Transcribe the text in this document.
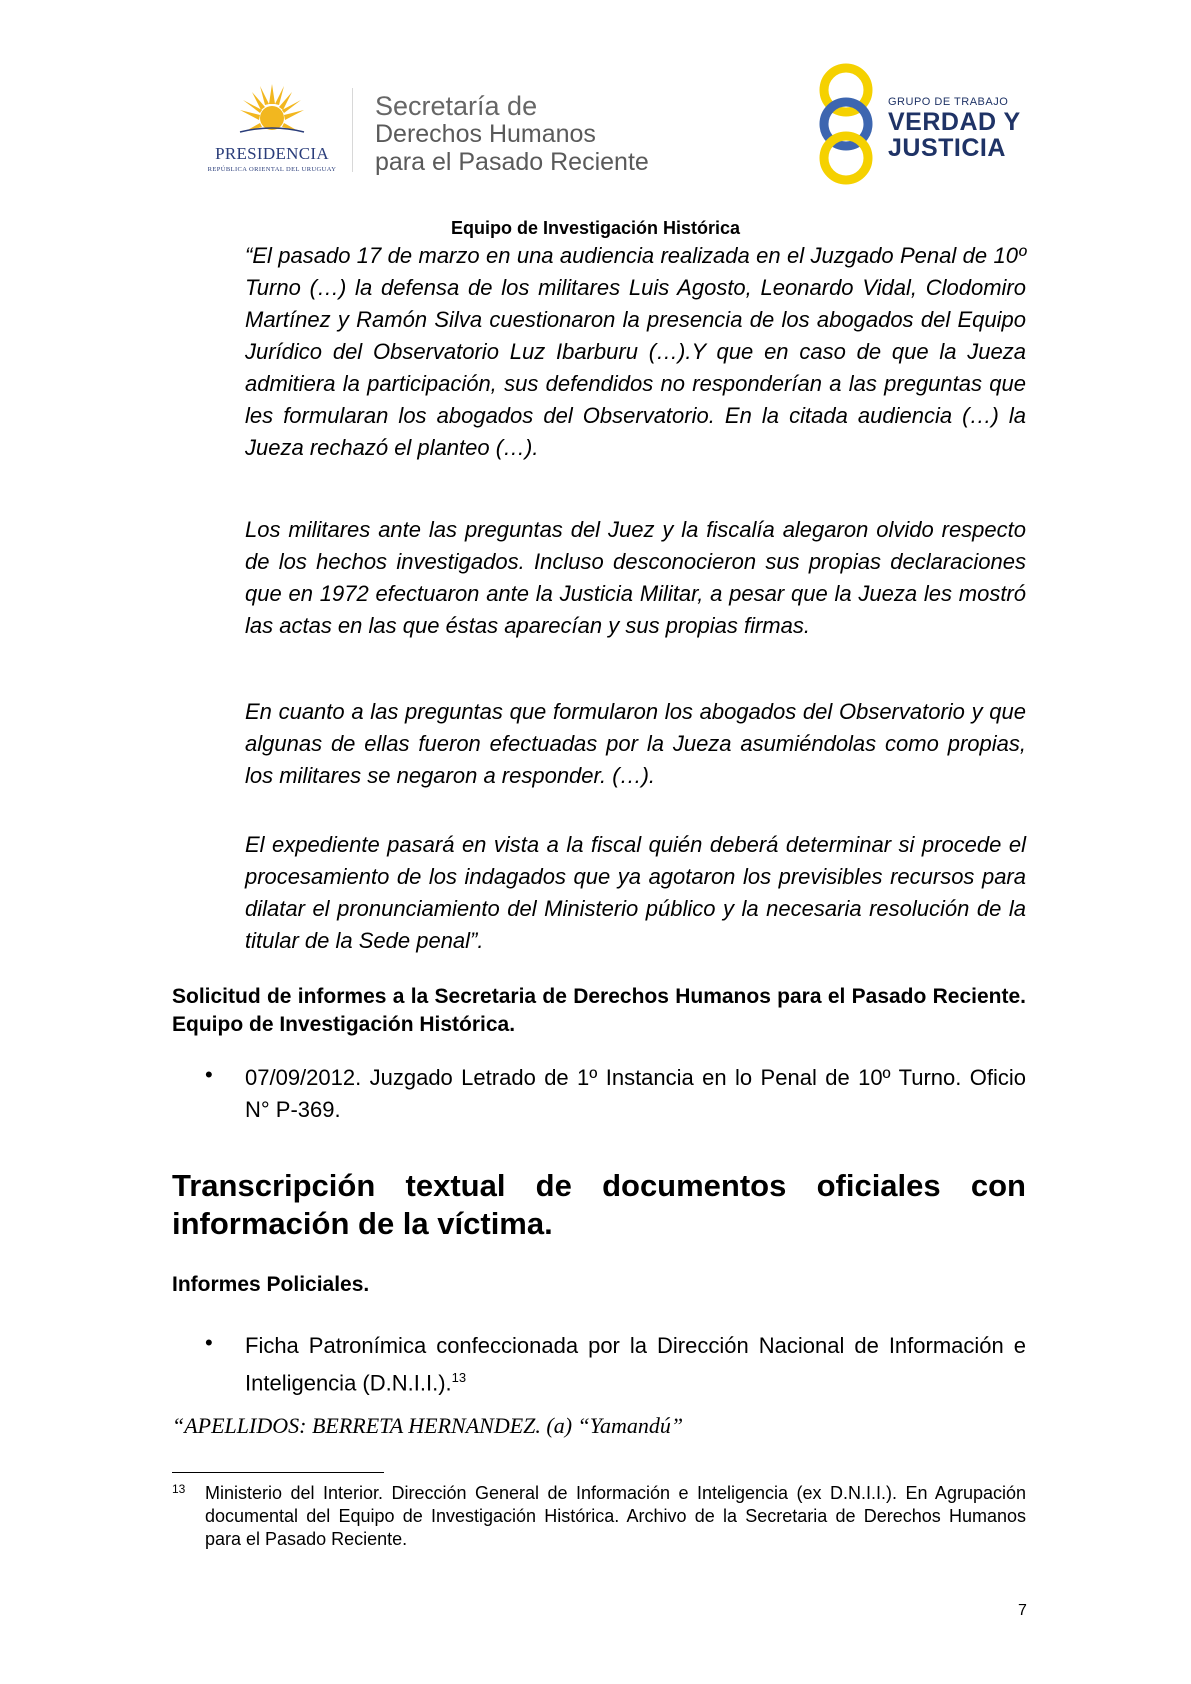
PRESIDENCIA
REPÚBLICA ORIENTAL DEL URUGUAY
Secretaría de
Derechos Humanos
para el Pasado Reciente
GRUPO DE TRABAJO
VERDAD Y
JUSTICIA
Equipo de Investigación Histórica

“El pasado 17 de marzo en una audiencia realizada en el Juzgado Penal de 10º Turno (…) la defensa de los militares Luis Agosto, Leonardo Vidal, Clodomiro Martínez y Ramón Silva cuestionaron la presencia de los abogados del Equipo Jurídico del Observatorio Luz Ibarburu (…).Y que en caso de que la Jueza admitiera la participación, sus defendidos no responderían a las preguntas que les formularan los abogados del Observatorio. En la citada audiencia (…) la Jueza rechazó el planteo (…).

Los militares ante las preguntas del Juez y la fiscalía alegaron olvido respecto de los hechos investigados. Incluso desconocieron sus propias declaraciones que en 1972 efectuaron ante la Justicia Militar, a pesar que la Jueza les mostró las actas en las que éstas aparecían y sus propias firmas.

En cuanto a las preguntas que formularon los abogados del Observatorio y que algunas de ellas fueron efectuadas por la Jueza asumiéndolas como propias, los militares se negaron a responder. (…).

El expediente pasará en vista a la fiscal quién deberá determinar si procede el procesamiento de los indagados que ya agotaron los previsibles recursos para dilatar el pronunciamiento del Ministerio público y la necesaria resolución de la titular de la Sede penal”.

Solicitud de informes a la Secretaria de Derechos Humanos para el Pasado Reciente. Equipo de Investigación Histórica.

• 07/09/2012. Juzgado Letrado de 1º Instancia en lo Penal de 10º Turno. Oficio N° P-369.

Transcripción textual de documentos oficiales con información de la víctima.

Informes Policiales.
• Ficha Patronímica confeccionada por la Dirección Nacional de Información e Inteligencia (D.N.I.I.).$^{13}$

“APELLIDOS: BERRETA HERNANDEZ. (a) “Yamandú”
13 Ministerio del Interior. Dirección General de Información e Inteligencia (ex D.N.I.I.). En Agrupación documental del Equipo de Investigación Histórica. Archivo de la Secretaria de Derechos Humanos para el Pasado Reciente.

7
